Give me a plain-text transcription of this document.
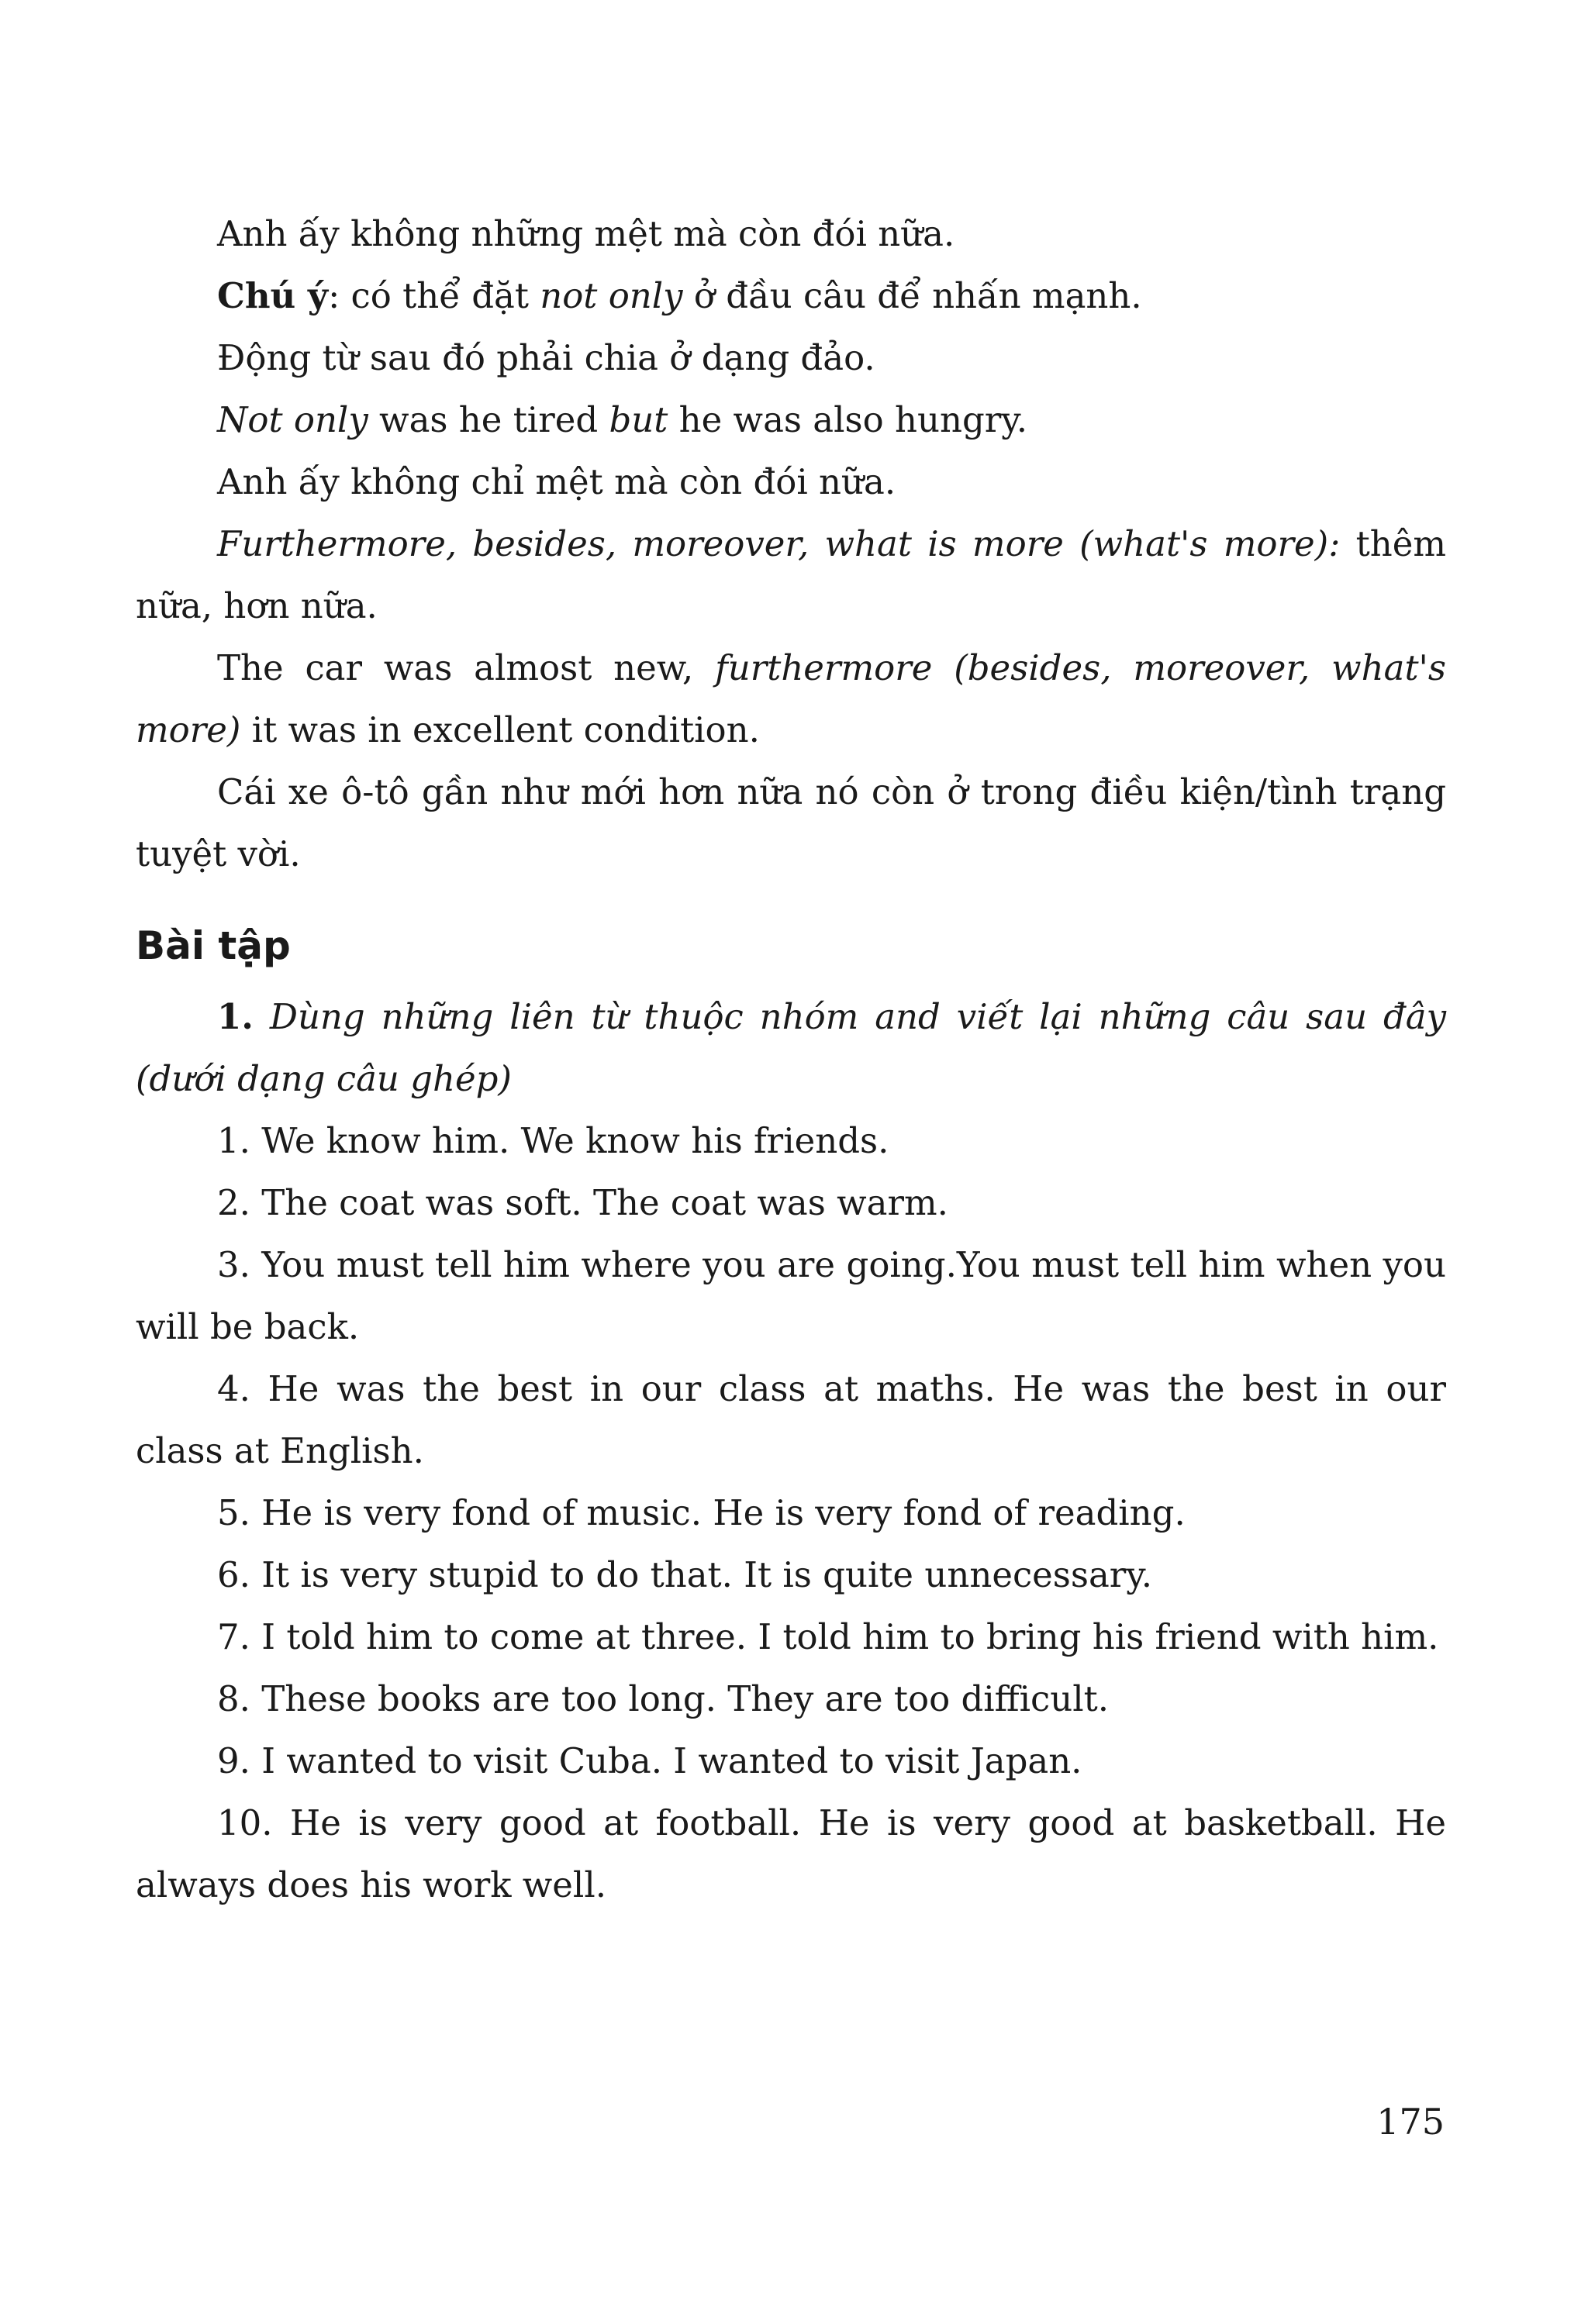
Anh ấy không những mệt mà còn đói nữa.

Chú ý: có thể đặt not only ở đầu câu để nhấn mạnh.

Động từ sau đó phải chia ở dạng đảo.

Not only was he tired but he was also hungry.

Anh ấy không chỉ mệt mà còn đói nữa.

Furthermore, besides, moreover, what is more (what's more): thêm nữa, hơn nữa.

The car was almost new, furthermore (besides, moreover, what's more) it was in excellent condition.

Cái xe ô-tô gần như mới hơn nữa nó còn ở trong điều kiện/tình trạng tuyệt vời.

Bài tập

1. Dùng những liên từ thuộc nhóm and viết lại những câu sau đây (dưới dạng câu ghép)

1. We know him. We know his friends.

2. The coat was soft. The coat was warm.

3. You must tell him where you are going.You must tell him when you will be back.

4. He was the best in our class at maths. He was the best in our class at English.

5. He is very fond of music. He is very fond of reading.

6. It is very stupid to do that. It is quite unnecessary.

7. I told him to come at three. I told him to bring his friend with him.

8. These books are too long. They are too difficult.

9. I wanted to visit Cuba. I wanted to visit Japan.

10. He is very good at football. He is very good at basketball. He always does his work well.

175
